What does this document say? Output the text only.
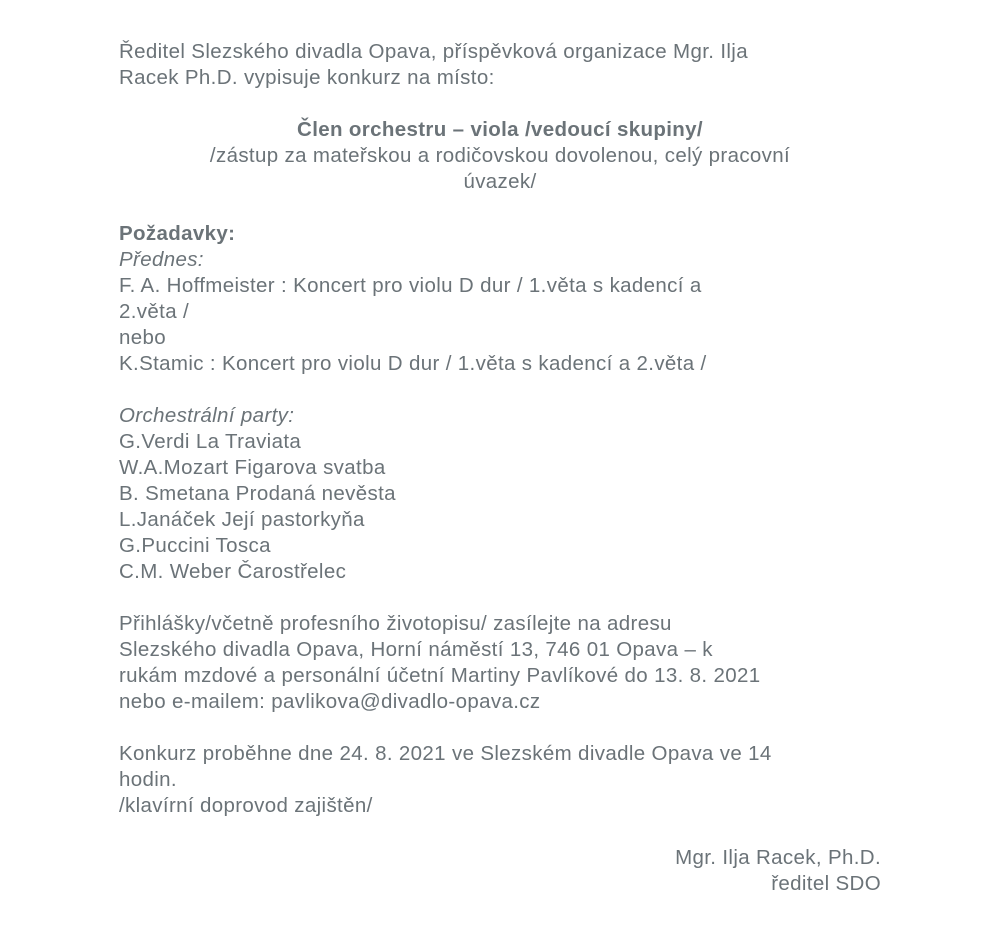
Ředitel Slezského divadla Opava, příspěvková organizace Mgr. Ilja
Racek Ph.D. vypisuje konkurz na místo:
Člen orchestru – viola /vedoucí skupiny/
/zástup za mateřskou a rodičovskou dovolenou, celý pracovní
úvazek/
Požadavky:
Přednes:
F. A. Hoffmeister : Koncert pro violu D dur / 1.věta s kadencí a
2.věta /
nebo
K.Stamic : Koncert pro violu D dur / 1.věta s kadencí a 2.věta /
Orchestrální party:
G.Verdi La Traviata
W.A.Mozart Figarova svatba
B. Smetana Prodaná nevěsta
L.Janáček Její pastorkyňa
G.Puccini Tosca
C.M. Weber Čarostřelec
Přihlášky/včetně profesního životopisu/ zasílejte na adresu
Slezského divadla Opava, Horní náměstí 13, 746 01 Opava – k
rukám mzdové a personální účetní Martiny Pavlíkové do 13. 8. 2021
nebo e-mailem: pavlikova@divadlo-opava.cz
Konkurz proběhne dne 24. 8. 2021 ve Slezském divadle Opava ve 14
hodin.
/klavírní doprovod zajištěn/
Mgr. Ilja Racek, Ph.D.
ředitel SDO
